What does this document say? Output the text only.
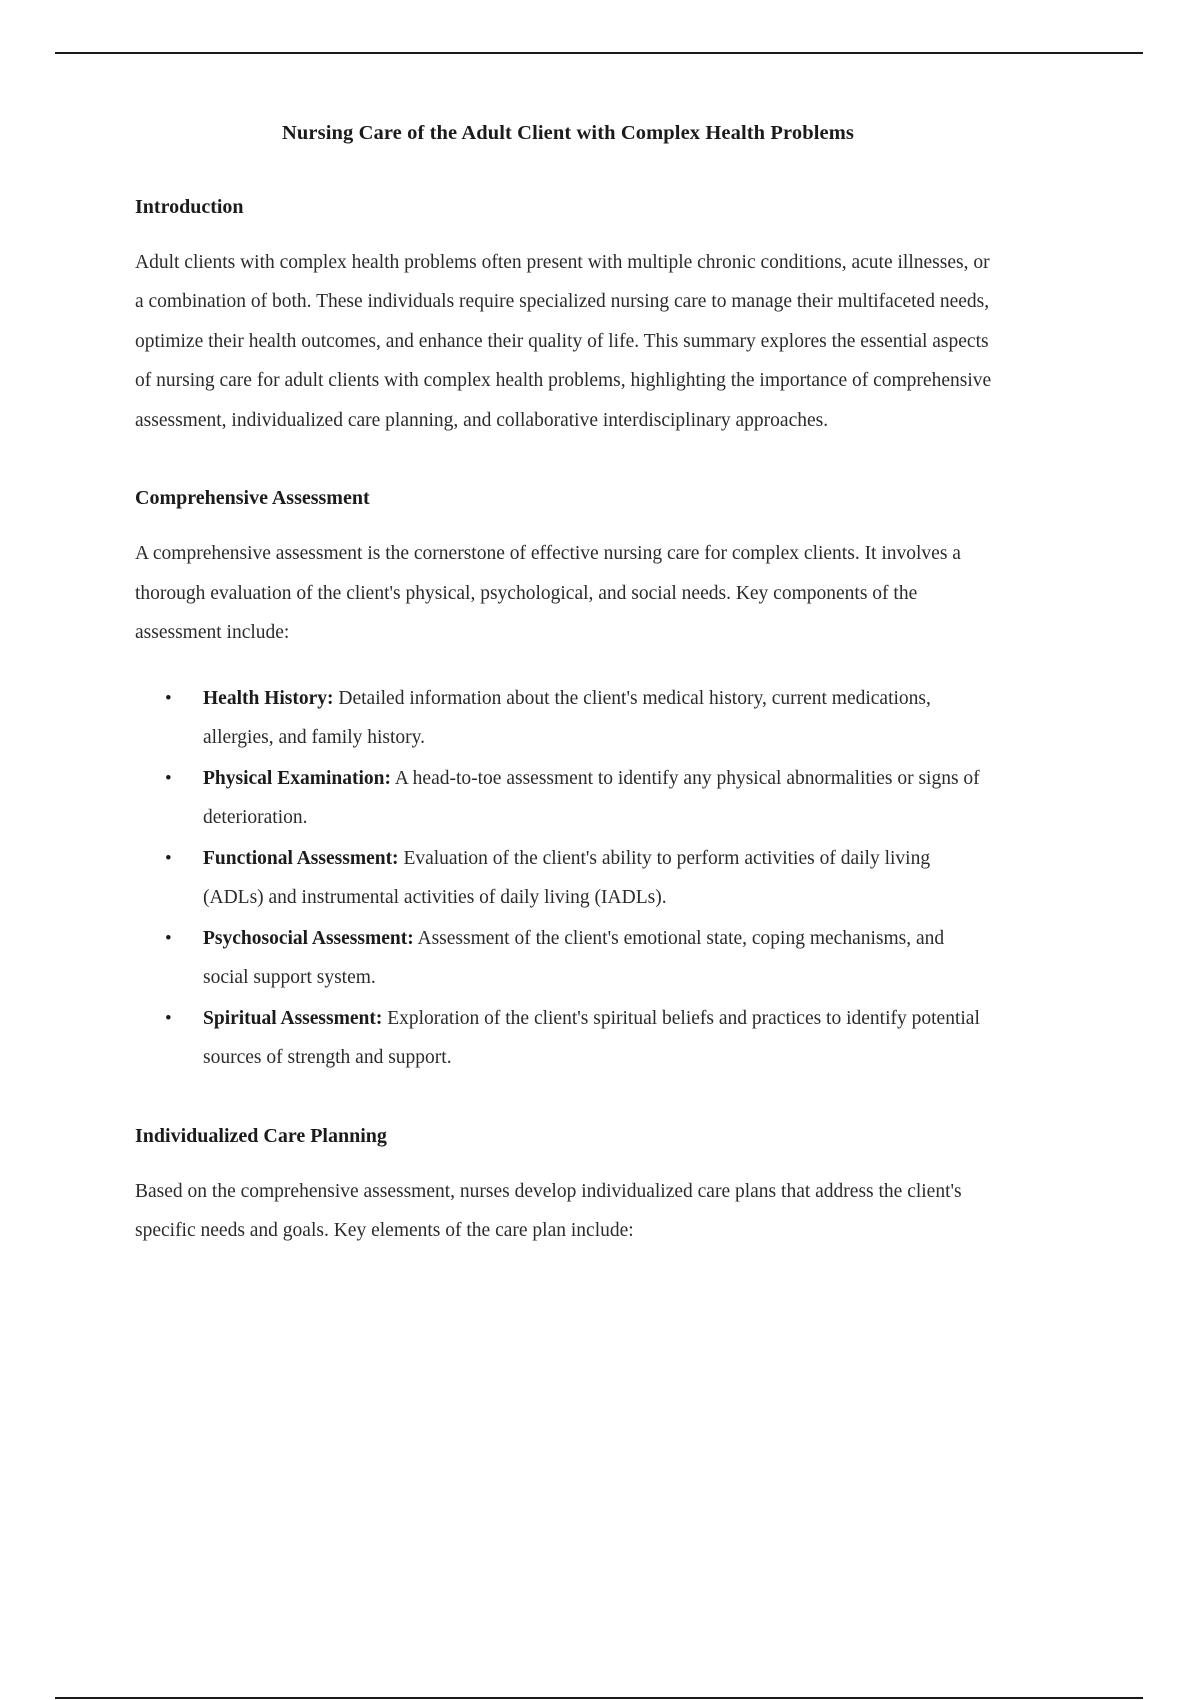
Nursing Care of the Adult Client with Complex Health Problems
Introduction

Adult clients with complex health problems often present with multiple chronic conditions, acute illnesses, or a combination of both. These individuals require specialized nursing care to manage their multifaceted needs, optimize their health outcomes, and enhance their quality of life. This summary explores the essential aspects of nursing care for adult clients with complex health problems, highlighting the importance of comprehensive assessment, individualized care planning, and collaborative interdisciplinary approaches.

Comprehensive Assessment

A comprehensive assessment is the cornerstone of effective nursing care for complex clients. It involves a thorough evaluation of the client's physical, psychological, and social needs. Key components of the assessment include:

• Health History: Detailed information about the client's medical history, current medications, allergies, and family history.
• Physical Examination: A head-to-toe assessment to identify any physical abnormalities or signs of deterioration.
• Functional Assessment: Evaluation of the client's ability to perform activities of daily living (ADLs) and instrumental activities of daily living (IADLs).
• Psychosocial Assessment: Assessment of the client's emotional state, coping mechanisms, and social support system.
• Spiritual Assessment: Exploration of the client's spiritual beliefs and practices to identify potential sources of strength and support.
Individualized Care Planning

Based on the comprehensive assessment, nurses develop individualized care plans that address the client's specific needs and goals. Key elements of the care plan include:
